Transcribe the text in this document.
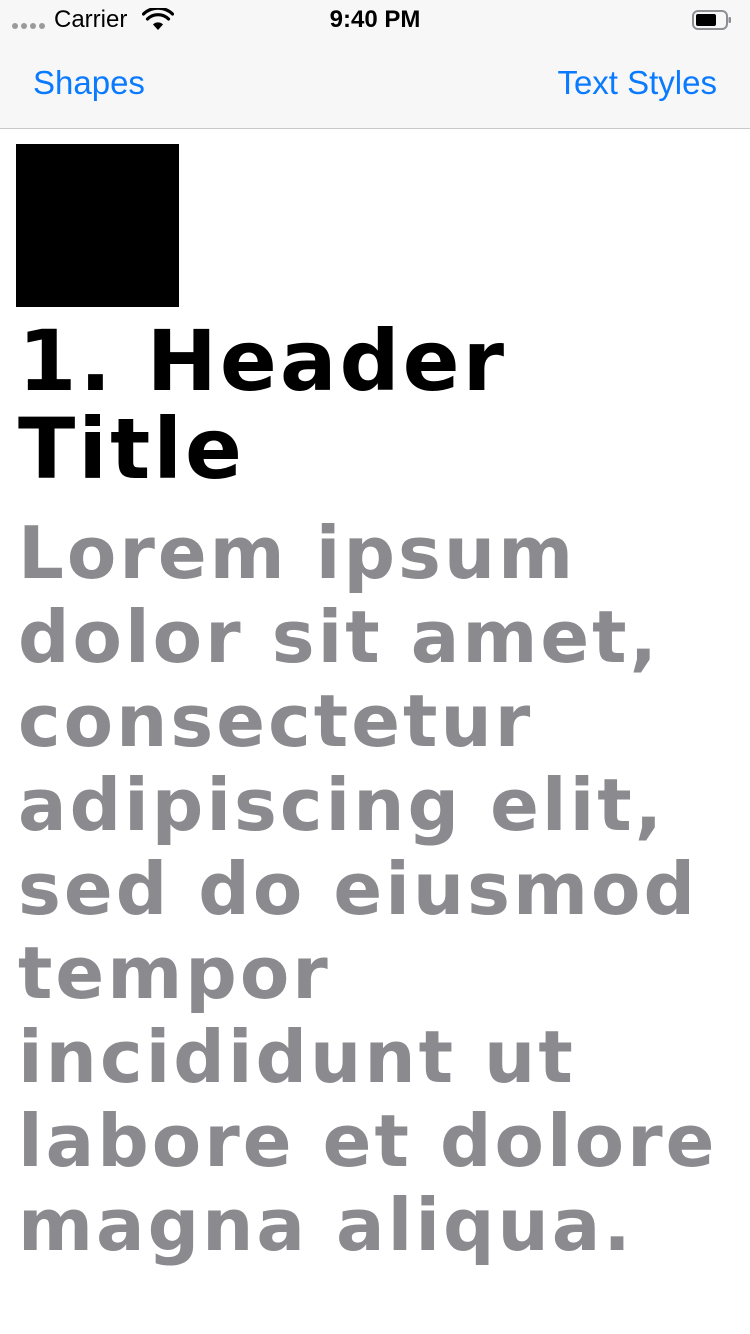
Carrier	9:40 PM
Shapes	Text Styles
1. Header Title

Lorem ipsum dolor sit amet, consectetur adipiscing elit, sed do eiusmod tempor incididunt ut labore et dolore magna aliqua.
